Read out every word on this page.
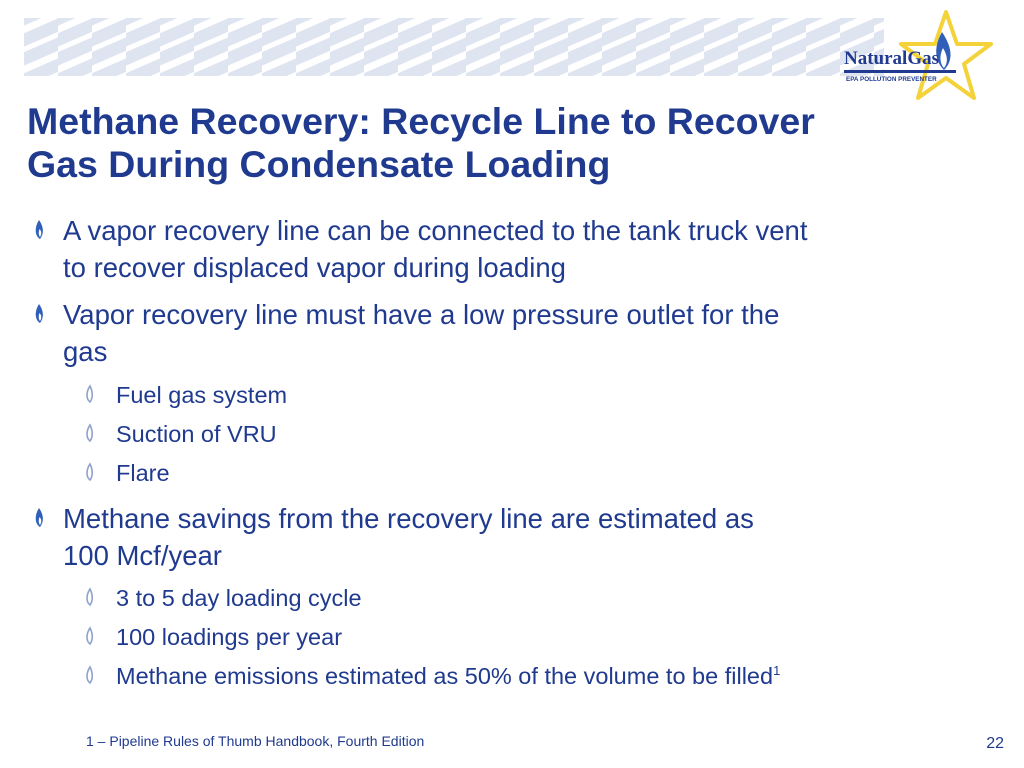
NaturalGas
EPA POLLUTION PREVENTER
Methane Recovery: Recycle Line to Recover
Gas During Condensate Loading
A vapor recovery line can be connected to the tank truck vent
to recover displaced vapor during loading
Vapor recovery line must have a low pressure outlet for the
gas
Fuel gas system
Suction of VRU
Flare
Methane savings from the recovery line are estimated as
100 Mcf/year
3 to 5 day loading cycle
100 loadings per year
Methane emissions estimated as 50% of the volume to be filled$^1$
1 – Pipeline Rules of Thumb Handbook, Fourth Edition	22
